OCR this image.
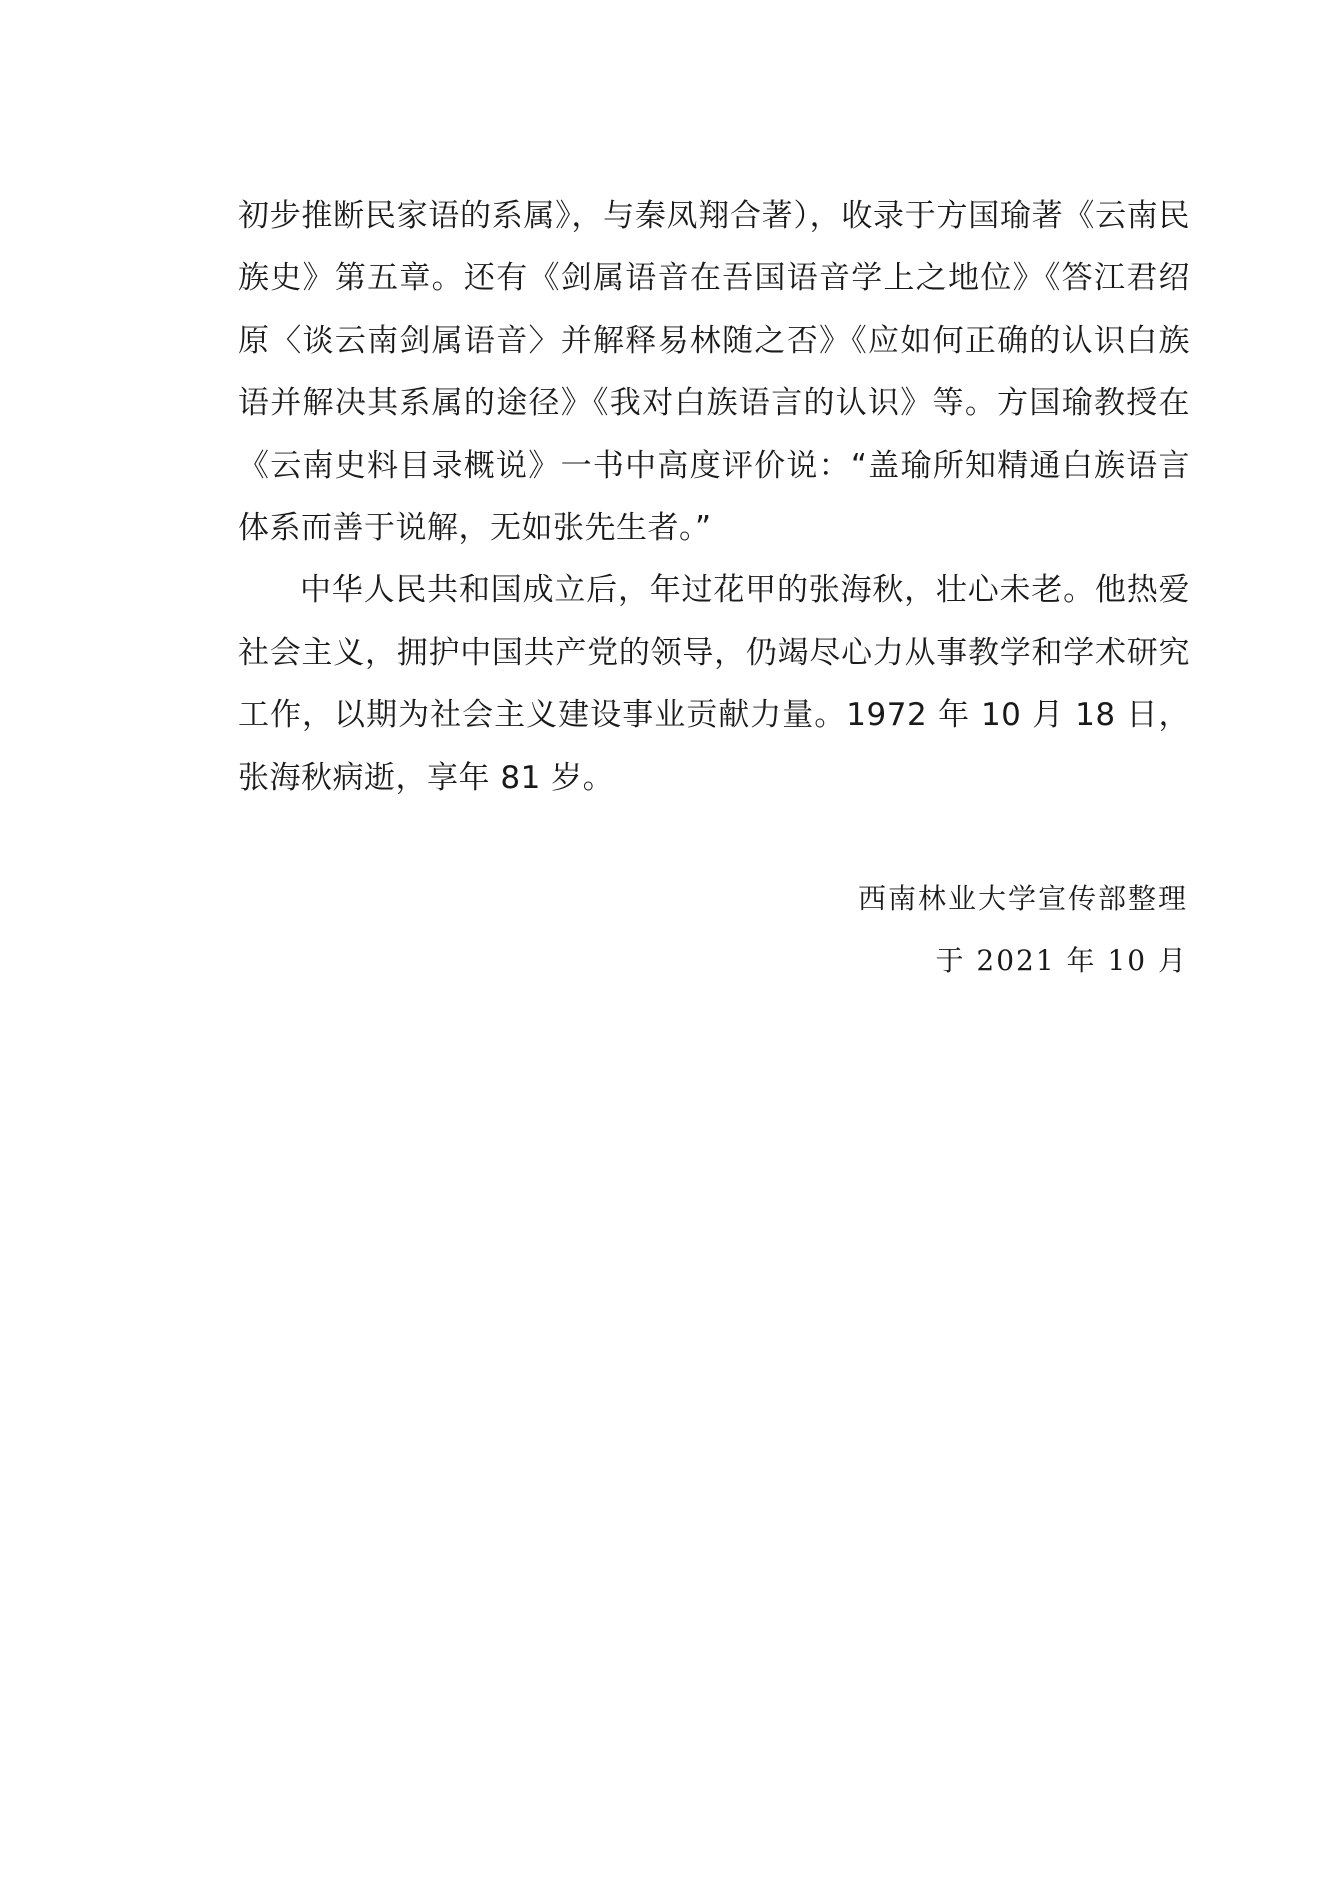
初步推断民家语的系属》，与秦凤翔合著），收录于方国瑜著《云南民族史》第五章。还有《剑属语音在吾国语音学上之地位》《答江君绍原〈谈云南剑属语音〉并解释易林随之否》《应如何正确的认识白族语并解决其系属的途径》《我对白族语言的认识》等。方国瑜教授在《云南史料目录概说》一书中高度评价说：“盖瑜所知精通白族语言体系而善于说解，无如张先生者。”

中华人民共和国成立后，年过花甲的张海秋，壮心未老。他热爱社会主义，拥护中国共产党的领导，仍竭尽心力从事教学和学术研究工作，以期为社会主义建设事业贡献力量。1972 年 10 月 18 日，张海秋病逝，享年 81 岁。

西南林业大学宣传部整理
于 2021 年 10 月
